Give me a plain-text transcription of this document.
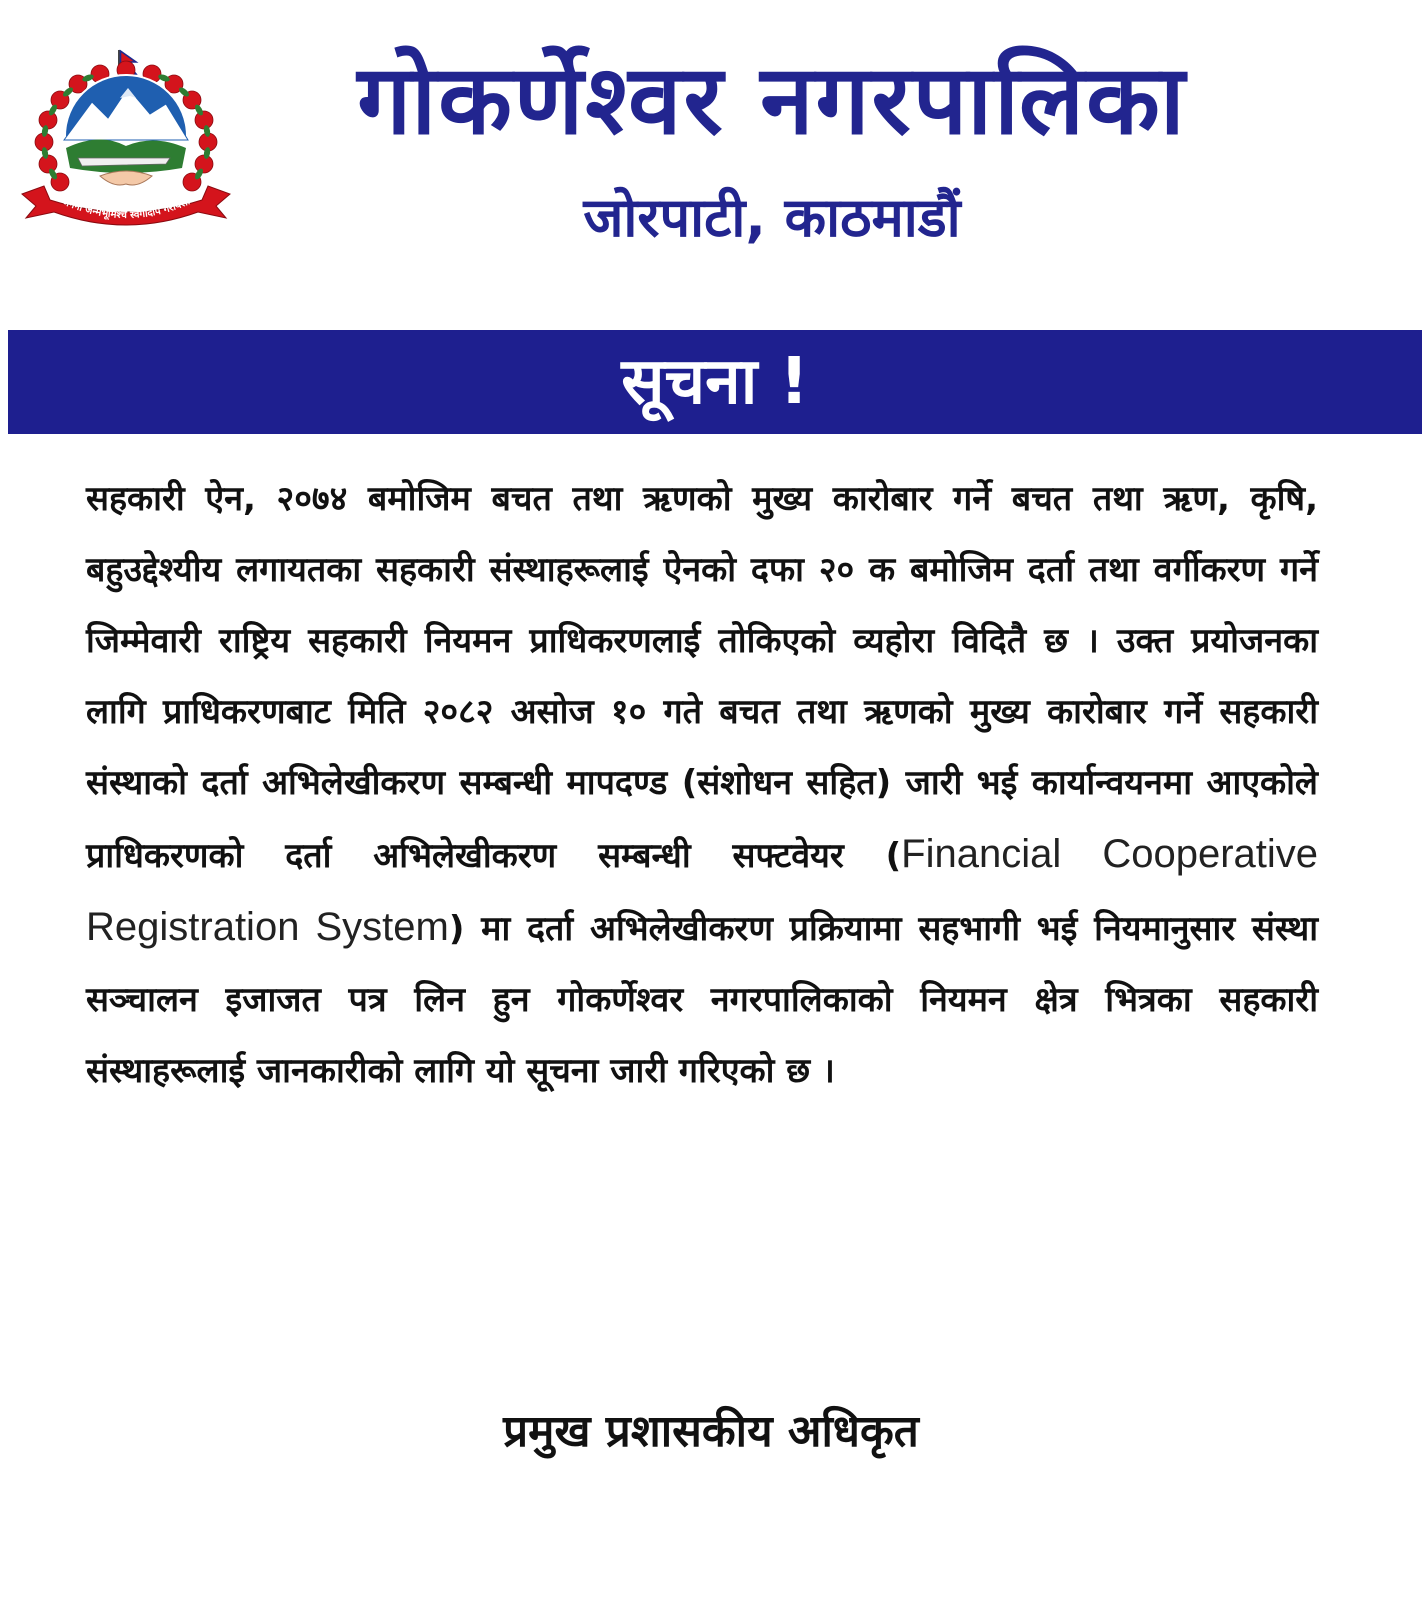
जननी जन्मभूमिश्च स्वर्गादपि गरीयसी
गोकर्णेश्वर नगरपालिका
जोरपाटी, काठमाडौं
सूचना !

सहकारी ऐन, २०७४ बमोजिम बचत तथा ऋणको मुख्य कारोबार गर्ने बचत तथा ऋण, कृषि, बहुउद्देश्यीय लगायतका सहकारी संस्थाहरूलाई ऐनको दफा २० क बमोजिम दर्ता तथा वर्गीकरण गर्ने जिम्मेवारी राष्ट्रिय सहकारी नियमन प्राधिकरणलाई तोकिएको व्यहोरा विदितै छ । उक्त प्रयोजनका लागि प्राधिकरणबाट मिति २०८२ असोज १० गते बचत तथा ऋणको मुख्य कारोबार गर्ने सहकारी संस्थाको दर्ता अभिलेखीकरण सम्बन्धी मापदण्ड (संशोधन सहित) जारी भई कार्यान्वयनमा आएकोले प्राधिकरणको दर्ता अभिलेखीकरण सम्बन्धी सफ्टवेयर (Financial Cooperative Registration System) मा दर्ता अभिलेखीकरण प्रक्रियामा सहभागी भई नियमानुसार संस्था सञ्चालन इजाजत पत्र लिन हुन गोकर्णेश्वर नगरपालिकाको नियमन क्षेत्र भित्रका सहकारी संस्थाहरूलाई जानकारीको लागि यो सूचना जारी गरिएको छ ।

प्रमुख प्रशासकीय अधिकृत
